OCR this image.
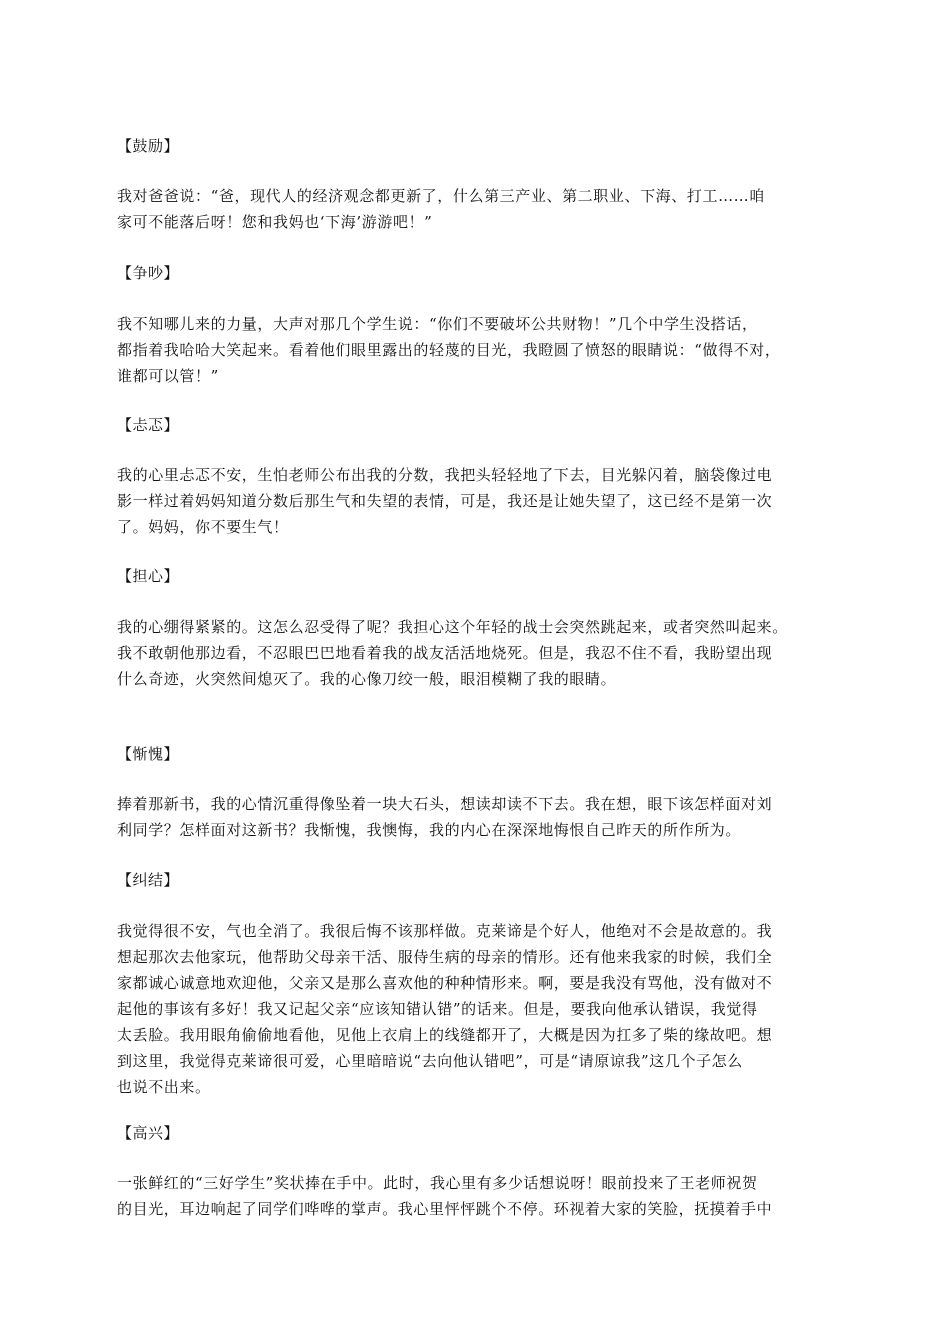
【鼓励】
我对爸爸说：“爸，现代人的经济观念都更新了，什么第三产业、第二职业、下海、打工……咱
家可不能落后呀！您和我妈也‘下海’游游吧！”
【争吵】
我不知哪儿来的力量，大声对那几个学生说：“你们不要破坏公共财物！”几个中学生没搭话，
都指着我哈哈大笑起来。看着他们眼里露出的轻蔑的目光，我瞪圆了愤怒的眼睛说：“做得不对，
谁都可以管！”
【忐忑】
我的心里忐忑不安，生怕老师公布出我的分数，我把头轻轻地了下去，目光躲闪着，脑袋像过电
影一样过着妈妈知道分数后那生气和失望的表情，可是，我还是让她失望了，这已经不是第一次
了。妈妈，你不要生气！
【担心】
我的心绷得紧紧的。这怎么忍受得了呢？我担心这个年轻的战士会突然跳起来，或者突然叫起来。
我不敢朝他那边看，不忍眼巴巴地看着我的战友活活地烧死。但是，我忍不住不看，我盼望出现
什么奇迹，火突然间熄灭了。我的心像刀绞一般，眼泪模糊了我的眼睛。
【惭愧】
捧着那新书，我的心情沉重得像坠着一块大石头，想读却读不下去。我在想，眼下该怎样面对刘
利同学？怎样面对这新书？我惭愧，我懊悔，我的内心在深深地悔恨自己昨天的所作所为。
【纠结】
我觉得很不安，气也全消了。我很后悔不该那样做。克莱谛是个好人，他绝对不会是故意的。我
想起那次去他家玩，他帮助父母亲干活、服侍生病的母亲的情形。还有他来我家的时候，我们全
家都诚心诚意地欢迎他，父亲又是那么喜欢他的种种情形来。啊，要是我没有骂他，没有做对不
起他的事该有多好！我又记起父亲“应该知错认错”的话来。但是，要我向他承认错误，我觉得
太丢脸。我用眼角偷偷地看他，见他上衣肩上的线缝都开了，大概是因为扛多了柴的缘故吧。想
到这里，我觉得克莱谛很可爱，心里暗暗说“去向他认错吧”，可是“请原谅我”这几个子怎么
也说不出来。
【高兴】
一张鲜红的“三好学生”奖状捧在手中。此时，我心里有多少话想说呀！眼前投来了王老师祝贺
的目光，耳边响起了同学们哗哗的掌声。我心里怦怦跳个不停。环视着大家的笑脸，抚摸着手中
